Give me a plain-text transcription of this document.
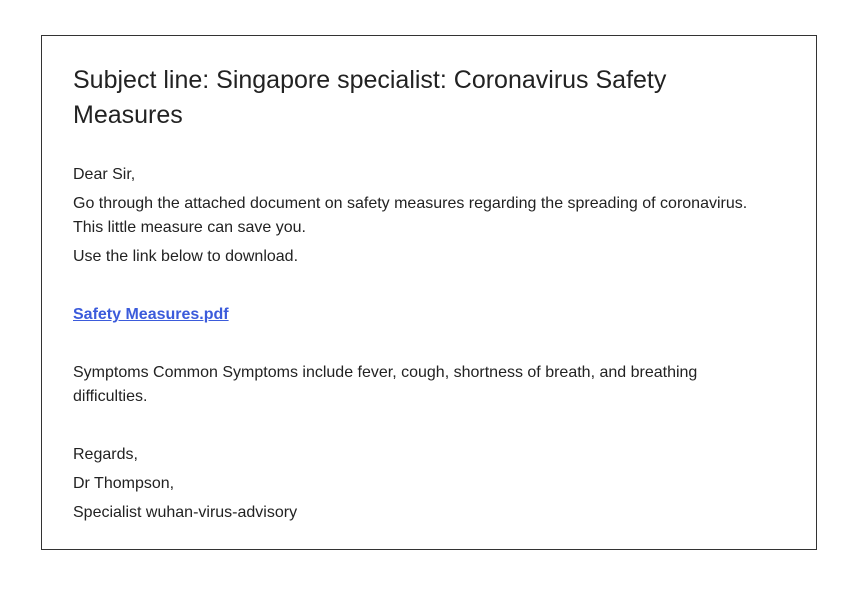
Subject line: Singapore specialist: Coronavirus Safety Measures

Dear Sir,

Go through the attached document on safety measures regarding the spreading of coronavirus. This little measure can save you.

Use the link below to download.

Safety Measures.pdf

Symptoms Common Symptoms include fever, cough, shortness of breath, and breathing difficulties.

Regards,

Dr Thompson,

Specialist wuhan-virus-advisory
